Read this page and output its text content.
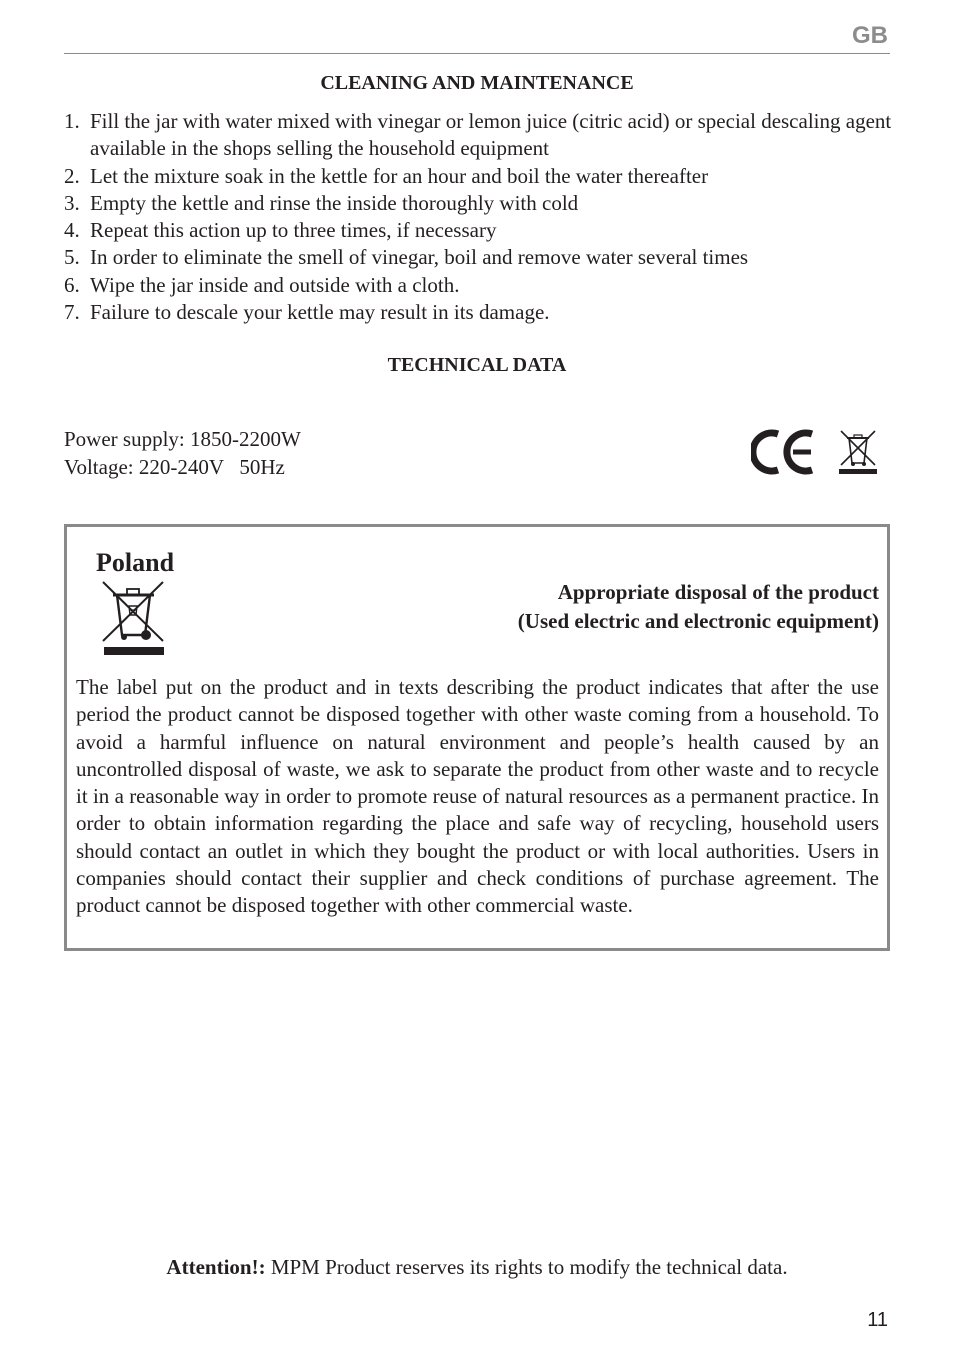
GB
CLEANING AND MAINTENANCE
1. Fill the jar with water mixed with vinegar or lemon juice (citric acid) or special descaling agent available in the shops selling the household equipment
2. Let the mixture soak in the kettle for an hour and boil the water thereafter
3. Empty the kettle and rinse the inside thoroughly with cold
4. Repeat this action up to three times, if necessary
5. In order to eliminate the smell of vinegar, boil and remove water several times
6. Wipe the jar inside and outside with a cloth.
7. Failure to descale your kettle may result in its damage.
TECHNICAL DATA
Power supply: 1850-2200W
Voltage: 220-240V   50Hz
Poland
Appropriate disposal of the product
(Used electric and electronic equipment)

The label put on the product and in texts describing the product indicates that after the use period the product cannot be disposed together with other waste coming from a household. To avoid a harmful influence on natural environment and people’s health caused by an uncontrolled disposal of waste, we ask to separate the product from other waste and to recycle it in a reasonable way in order to promote reuse of natural resources as a permanent practice. In order to obtain information regarding the place and safe way of recycling, household users should contact an outlet in which they bought the product or with local authorities. Users in companies should contact their supplier and check conditions of purchase agreement. The product cannot be disposed together with other commercial waste.

Attention!: MPM Product reserves its rights to modify the technical data.
11
